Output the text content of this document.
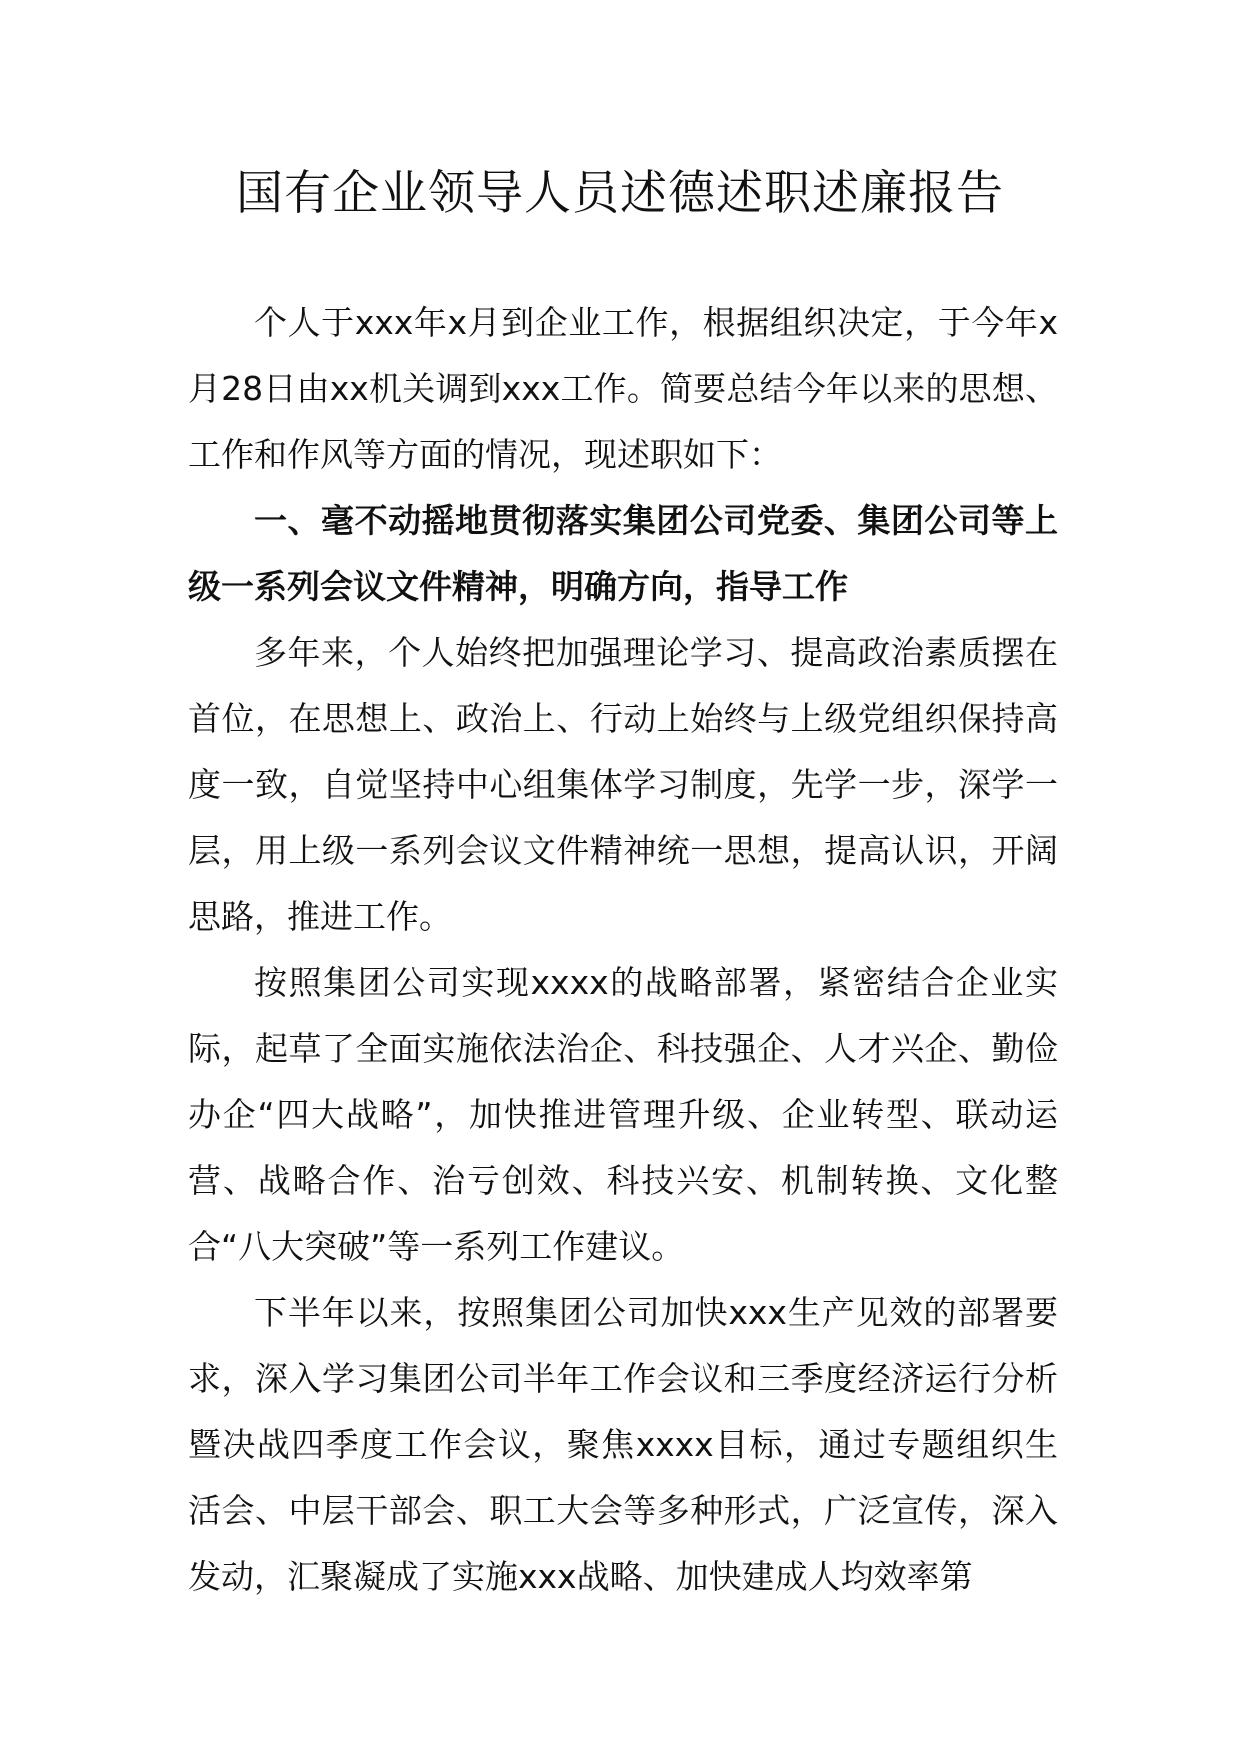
国有企业领导人员述德述职述廉报告

个人于xxx年x月到企业工作，根据组织决定，于今年x月28日由xx机关调到xxx工作。简要总结今年以来的思想、工作和作风等方面的情况，现述职如下：

一、毫不动摇地贯彻落实集团公司党委、集团公司等上级一系列会议文件精神，明确方向，指导工作

多年来，个人始终把加强理论学习、提高政治素质摆在首位，在思想上、政治上、行动上始终与上级党组织保持高度一致，自觉坚持中心组集体学习制度，先学一步，深学一层，用上级一系列会议文件精神统一思想，提高认识，开阔思路，推进工作。

按照集团公司实现xxxx的战略部署，紧密结合企业实际，起草了全面实施依法治企、科技强企、人才兴企、勤俭办企“四大战略”，加快推进管理升级、企业转型、联动运营、战略合作、治亏创效、科技兴安、机制转换、文化整合“八大突破”等一系列工作建议。

下半年以来，按照集团公司加快xxx生产见效的部署要求，深入学习集团公司半年工作会议和三季度经济运行分析暨决战四季度工作会议，聚焦xxxx目标，通过专题组织生活会、中层干部会、职工大会等多种形式，广泛宣传，深入发动，汇聚凝成了实施xxx战略、加快建成人均效率第
